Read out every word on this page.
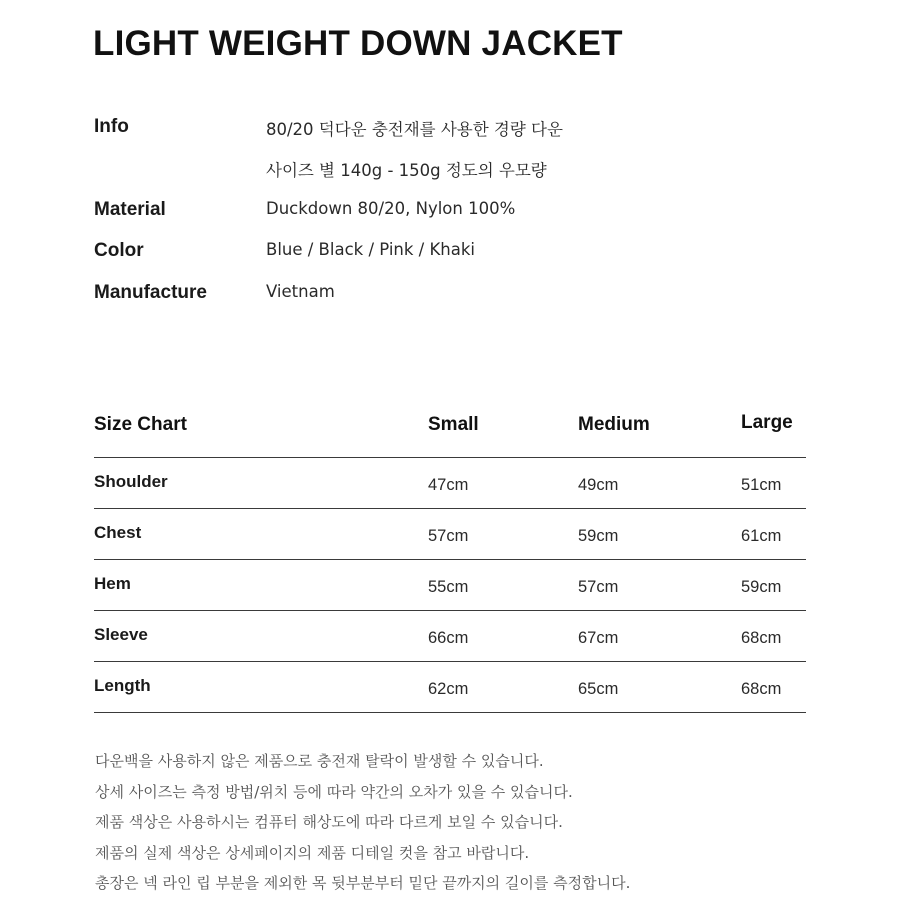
LIGHT WEIGHT DOWN JACKET
Info	80/20 덕다운 충전재를 사용한 경량 다운
사이즈 별 140g - 150g 정도의 우모량
Material	Duckdown 80/20, Nylon 100%
Color	Blue / Black / Pink / Khaki
Manufacture	Vietnam
Size Chart	Small	Medium	Large
Shoulder	47cm	49cm	51cm
Chest	57cm	59cm	61cm
Hem	55cm	57cm	59cm
Sleeve	66cm	67cm	68cm
Length	62cm	65cm	68cm
다운백을 사용하지 않은 제품으로 충전재 탈락이 발생할 수 있습니다.
상세 사이즈는 측정 방법/위치 등에 따라 약간의 오차가 있을 수 있습니다.
제품 색상은 사용하시는 컴퓨터 해상도에 따라 다르게 보일 수 있습니다.
제품의 실제 색상은 상세페이지의 제품 디테일 컷을 참고 바랍니다.
총장은 넥 라인 립 부분을 제외한 목 뒷부분부터 밑단 끝까지의 길이를 측정합니다.
